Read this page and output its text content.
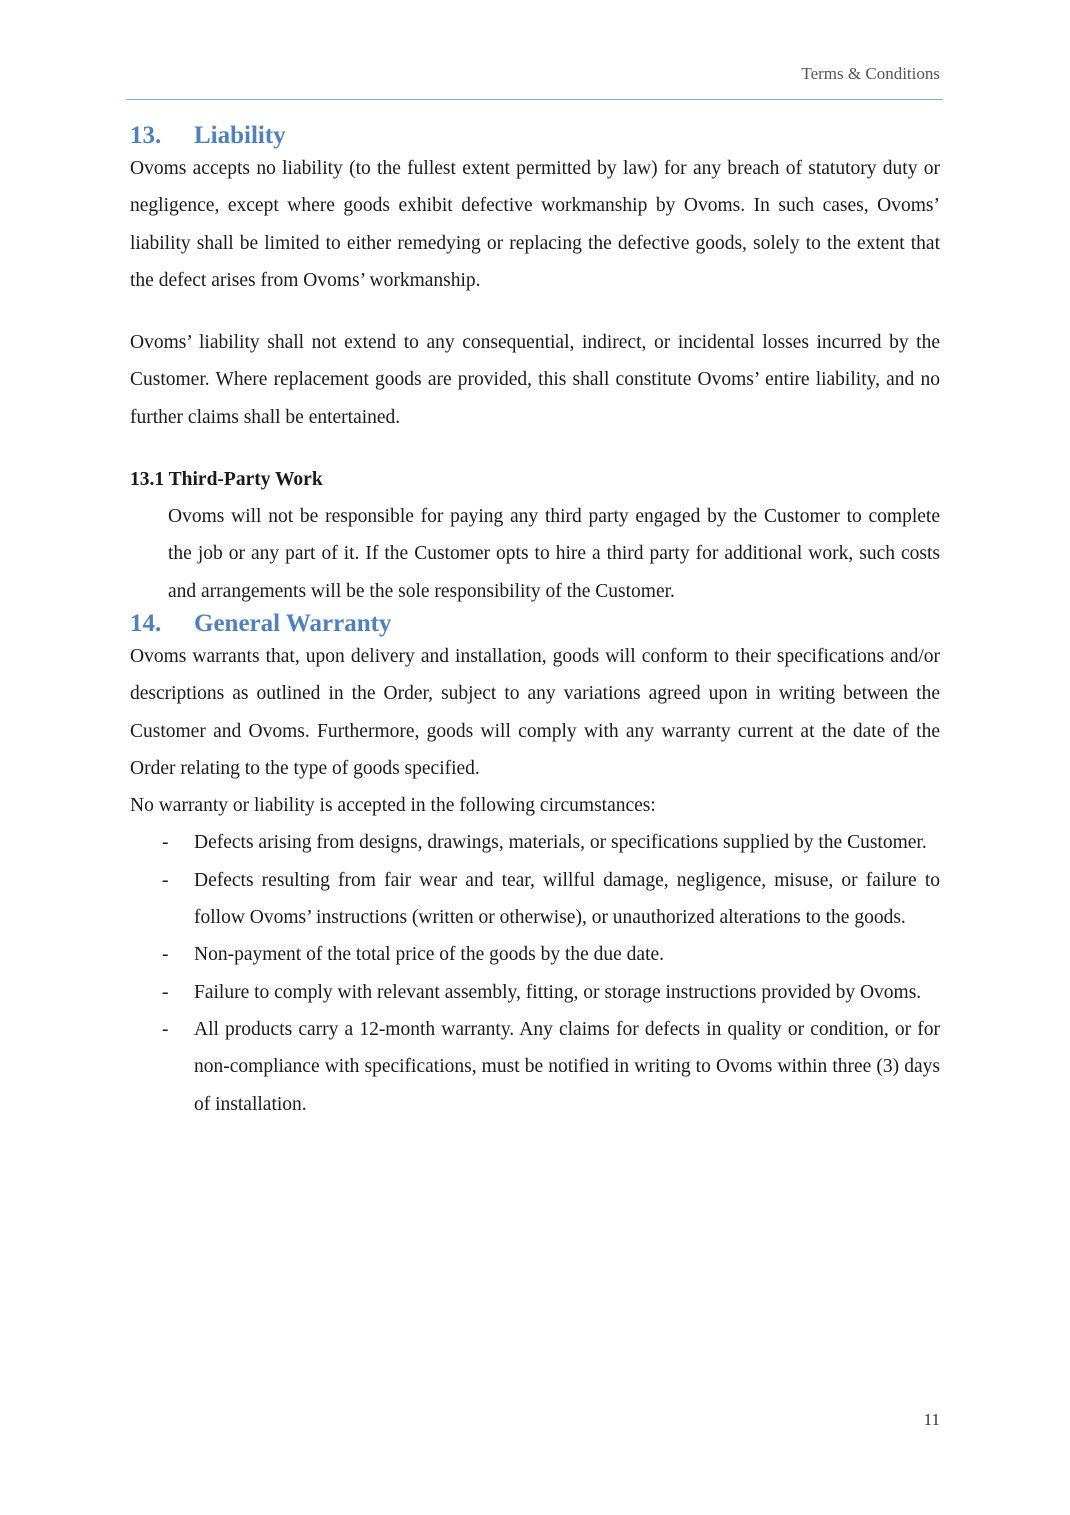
Terms & Conditions
13.	Liability

Ovoms accepts no liability (to the fullest extent permitted by law) for any breach of statutory duty or negligence, except where goods exhibit defective workmanship by Ovoms. In such cases, Ovoms’ liability shall be limited to either remedying or replacing the defective goods, solely to the extent that the defect arises from Ovoms’ workmanship.

Ovoms’ liability shall not extend to any consequential, indirect, or incidental losses incurred by the Customer. Where replacement goods are provided, this shall constitute Ovoms’ entire liability, and no further claims shall be entertained.

13.1 Third-Party Work

Ovoms will not be responsible for paying any third party engaged by the Customer to complete the job or any part of it. If the Customer opts to hire a third party for additional work, such costs and arrangements will be the sole responsibility of the Customer.

14.	General Warranty

Ovoms warrants that, upon delivery and installation, goods will conform to their specifications and/or descriptions as outlined in the Order, subject to any variations agreed upon in writing between the Customer and Ovoms. Furthermore, goods will comply with any warranty current at the date of the Order relating to the type of goods specified.

No warranty or liability is accepted in the following circumstances:

- Defects arising from designs, drawings, materials, or specifications supplied by the Customer.
- Defects resulting from fair wear and tear, willful damage, negligence, misuse, or failure to follow Ovoms’ instructions (written or otherwise), or unauthorized alterations to the goods.
- Non-payment of the total price of the goods by the due date.
- Failure to comply with relevant assembly, fitting, or storage instructions provided by Ovoms.
- All products carry a 12-month warranty. Any claims for defects in quality or condition, or for non-compliance with specifications, must be notified in writing to Ovoms within three (3) days of installation.
11
